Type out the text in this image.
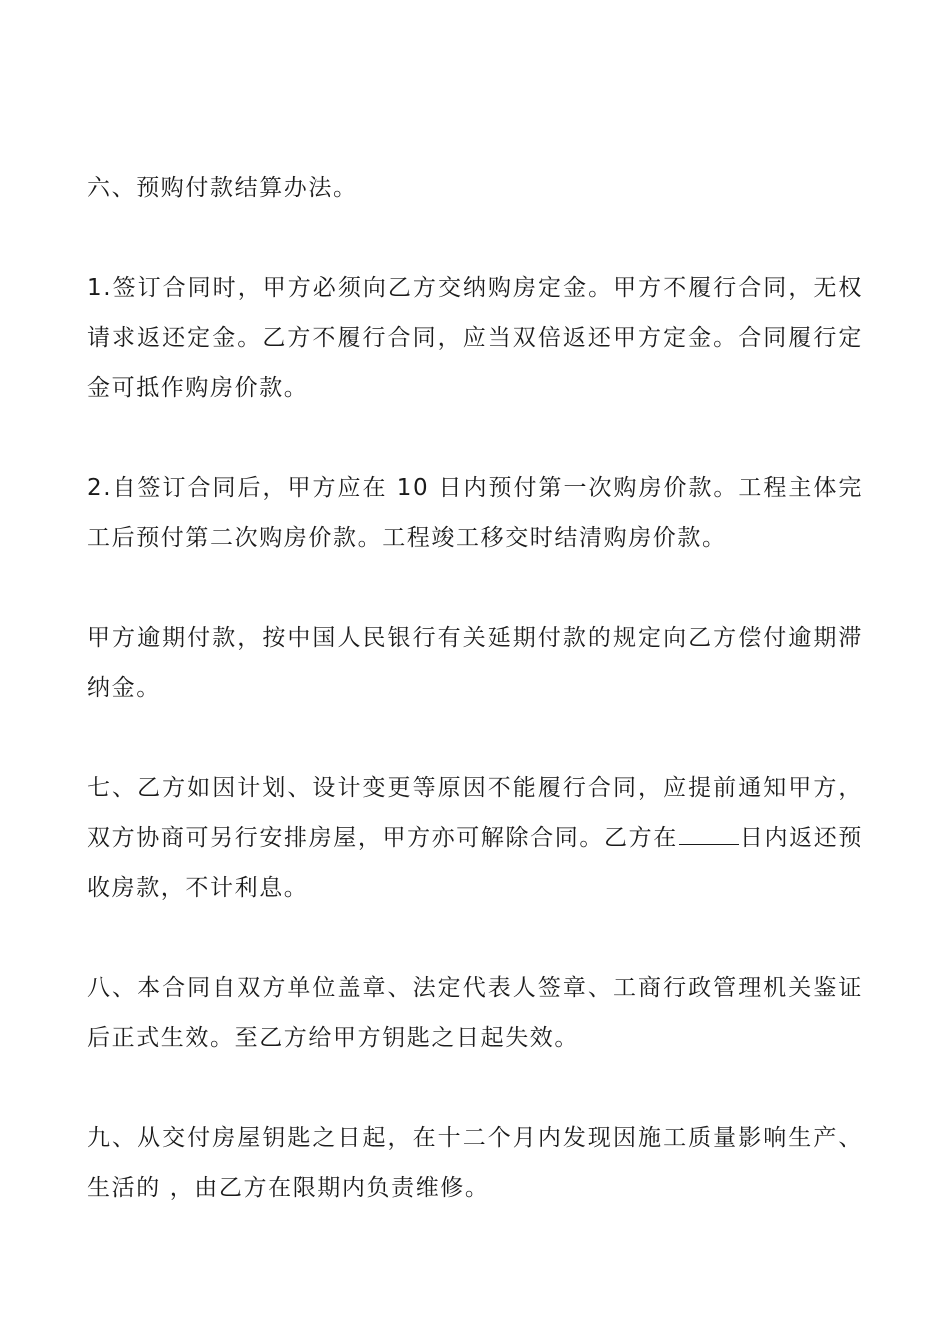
六、预购付款结算办法。

1.签订合同时，甲方必须向乙方交纳购房定金。甲方不履行合同，无权请求返还定金。乙方不履行合同，应当双倍返还甲方定金。合同履行定金可抵作购房价款。

2.自签订合同后，甲方应在 10 日内预付第一次购房价款。工程主体完工后预付第二次购房价款。工程竣工移交时结清购房价款。

甲方逾期付款，按中国人民银行有关延期付款的规定向乙方偿付逾期滞纳金。

七、乙方如因计划、设计变更等原因不能履行合同，应提前通知甲方，双方协商可另行安排房屋，甲方亦可解除合同。乙方在	日内返还预收房款，不计利息。

八、本合同自双方单位盖章、法定代表人签章、工商行政管理机关鉴证后正式生效。至乙方给甲方钥匙之日起失效。

九、从交付房屋钥匙之日起，在十二个月内发现因施工质量影响生产、生活的 ，由乙方在限期内负责维修。
